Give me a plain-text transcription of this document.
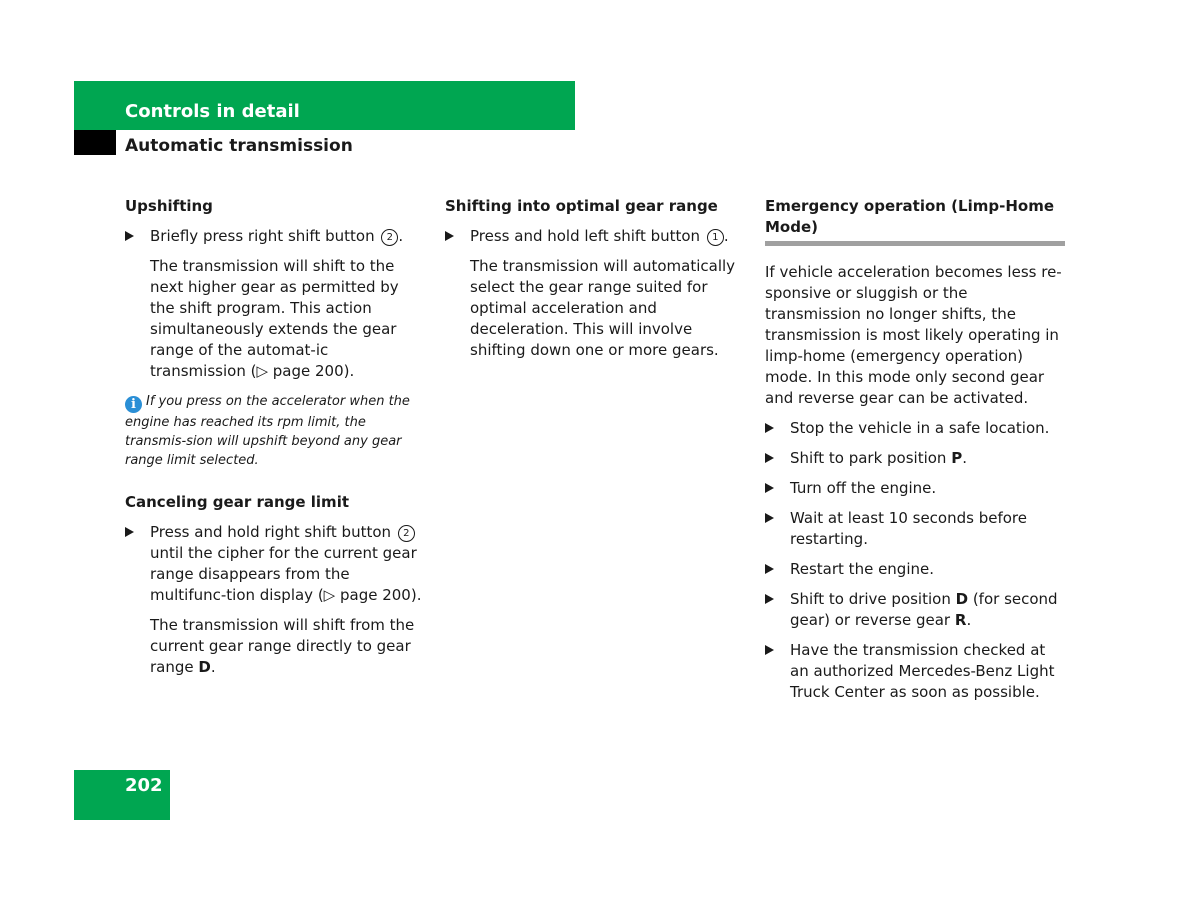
Controls in detail
Automatic transmission
Upshifting
Briefly press right shift button 2 .
The transmission will shift to the next higher gear as permitted by the shift program. This action simultaneously extends the gear range of the automat-ic transmission (▷ page 200).
i If you press on the accelerator when the engine has reached its rpm limit, the transmis-sion will upshift beyond any gear range limit selected.
Canceling gear range limit
Press and hold right shift button 2 until the cipher for the current gear range disappears from the multifunc-tion display (▷ page 200).
The transmission will shift from the current gear range directly to gear range D.
Shifting into optimal gear range
Press and hold left shift button 1 .
The transmission will automatically select the gear range suited for optimal acceleration and deceleration. This will involve shifting down one or more gears.
Emergency operation (Limp-Home Mode)
If vehicle acceleration becomes less re-sponsive or sluggish or the transmission no longer shifts, the transmission is most likely operating in limp-home (emergency operation) mode. In this mode only second gear and reverse gear can be activated.
Stop the vehicle in a safe location.
Shift to park position P.
Turn off the engine.
Wait at least 10 seconds before restarting.
Restart the engine.
Shift to drive position D (for second gear) or reverse gear R.
Have the transmission checked at an authorized Mercedes-Benz Light Truck Center as soon as possible.
202
